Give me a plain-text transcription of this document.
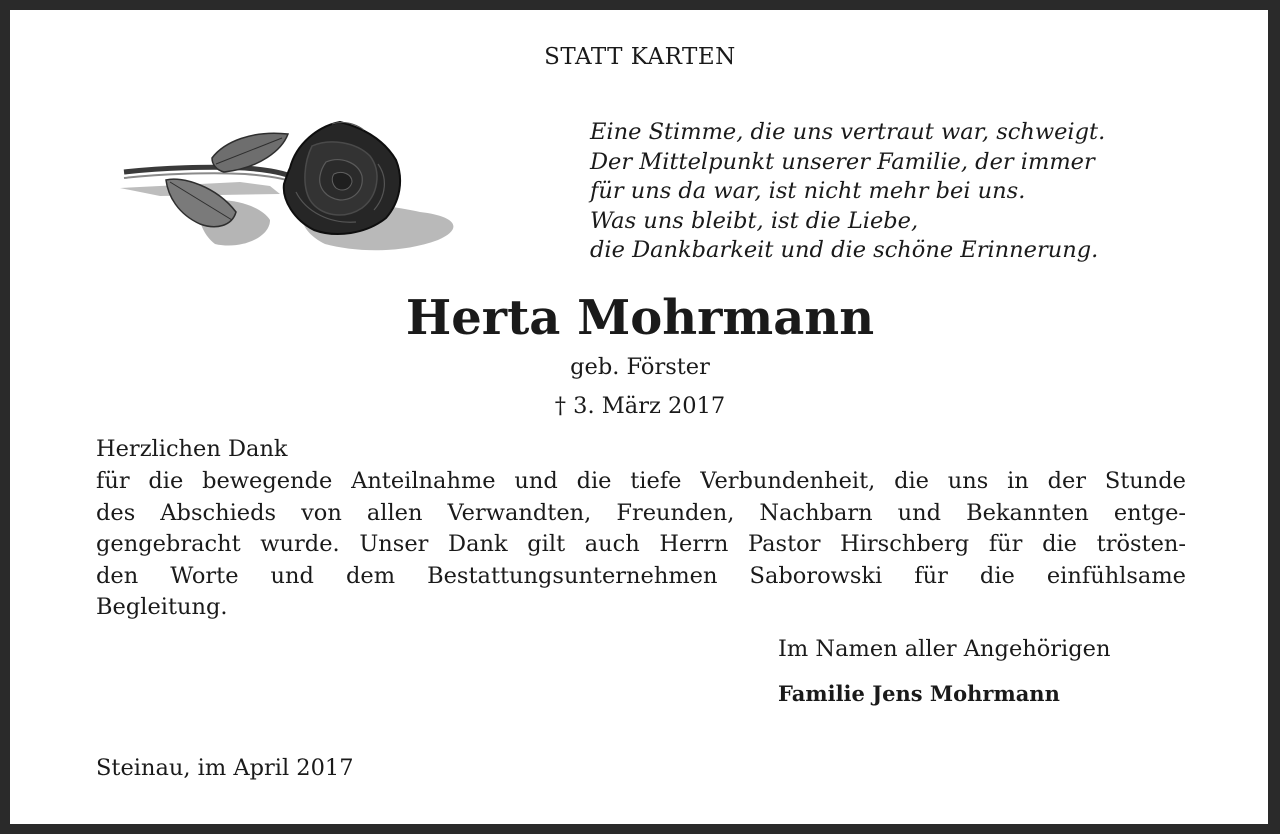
STATT KARTEN
Eine Stimme, die uns vertraut war, schweigt.
Der Mittelpunkt unserer Familie, der immer
für uns da war, ist nicht mehr bei uns.
Was uns bleibt, ist die Liebe,
die Dankbarkeit und die schöne Erinnerung.
Herta Mohrmann
geb. Förster
† 3. März 2017
Herzlichen Dank
für die bewegende Anteilnahme und die tiefe Verbundenheit, die uns in der Stunde
des Abschieds von allen Verwandten, Freunden, Nachbarn und Bekannten entge-
gengebracht wurde. Unser Dank gilt auch Herrn Pastor Hirschberg für die trösten-
den Worte und dem Bestattungsunternehmen Saborowski für die einfühlsame
Begleitung.
Im Namen aller Angehörigen
Familie Jens Mohrmann
Steinau, im April 2017
